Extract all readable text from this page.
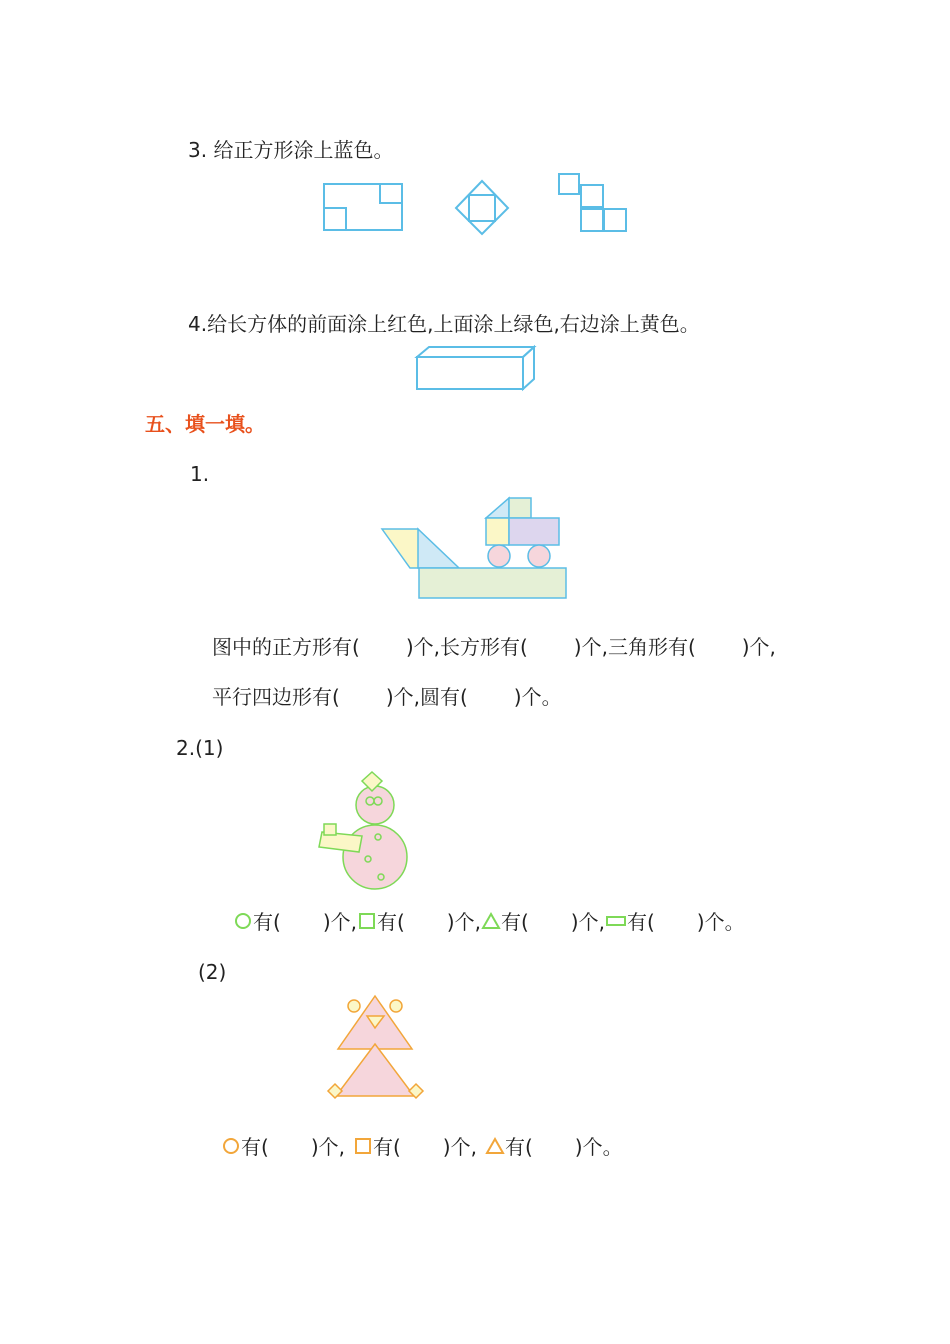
3. 给正方形涂上蓝色。
4.给长方体的前面涂上红色,上面涂上绿色,右边涂上黄色。
五、填一填。
1.
图中的正方形有( )个,长方形有( )个,三角形有( )个,
平行四边形有( )个,圆有( )个。
2.(1)
有( )个, 有( )个, 有( )个, 有( )个。
(2)
有( )个, 有( )个, 有( )个。
